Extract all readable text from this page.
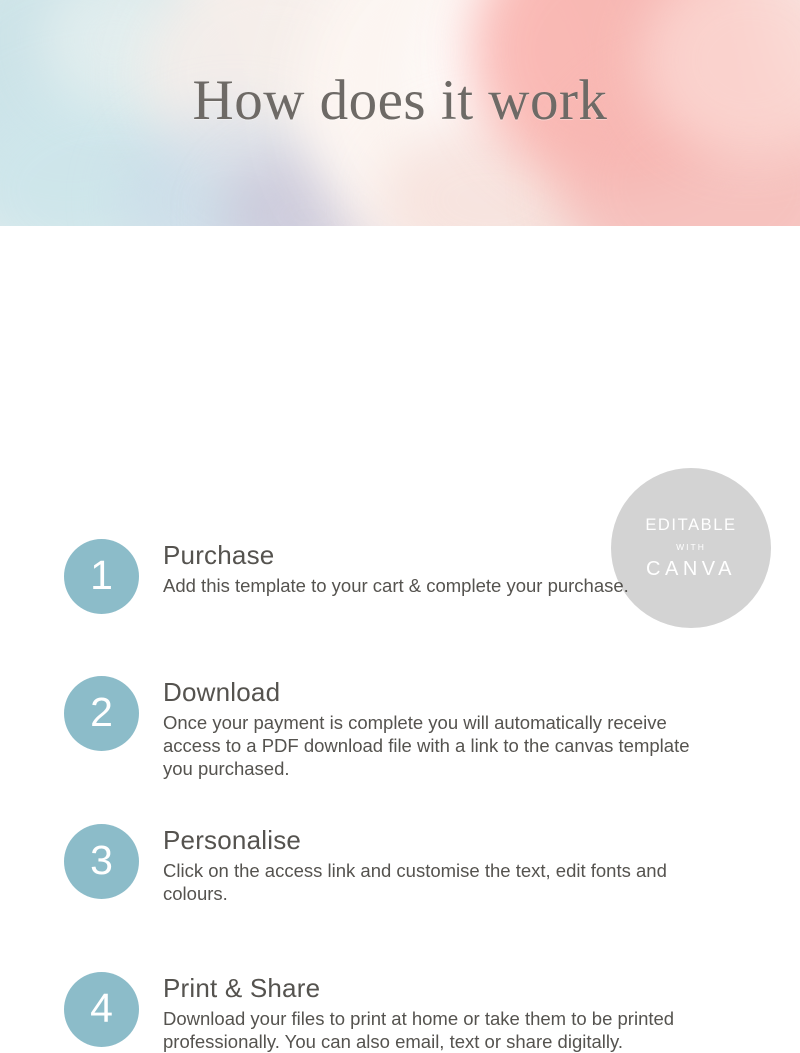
How does it work
EDITABLE
WITH
CANVA
1	Purchase
Add this template to your cart & complete your purchase.
2	Download
Once your payment is complete you will automatically receive access to a PDF download file with a link to the canvas template you purchased.
3	Personalise
Click on the access link and customise the text, edit fonts and colours.
4	Print & Share
Download your files to print at home or take them to be printed professionally. You can also email, text or share digitally.
